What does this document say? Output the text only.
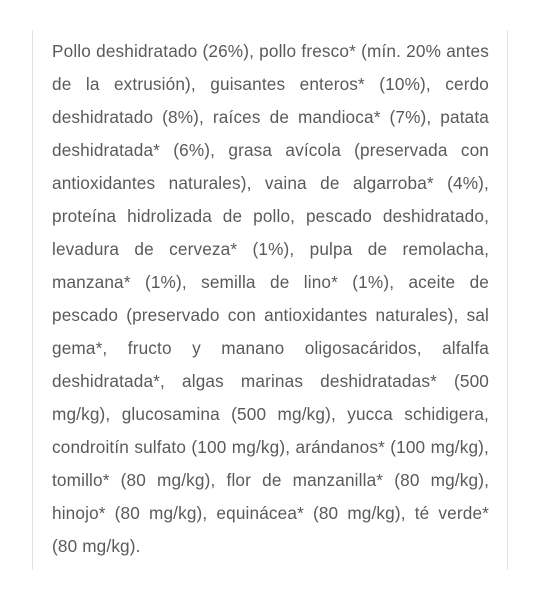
Pollo deshidratado (26%), pollo fresco* (mín. 20% antes de la extrusión), guisantes enteros* (10%), cerdo deshidratado (8%), raíces de mandioca* (7%), patata deshidratada* (6%), grasa avícola (preservada con antioxidantes naturales), vaina de algarroba* (4%), proteína hidrolizada de pollo, pescado deshidratado, levadura de cerveza* (1%), pulpa de remolacha, manzana* (1%), semilla de lino* (1%), aceite de pescado (preservado con antioxidantes naturales), sal gema*, fructo y manano oligosacáridos, alfalfa deshidratada*, algas marinas deshidratadas* (500 mg/kg), glucosamina (500 mg/kg), yucca schidigera, condroitín sulfato (100 mg/kg), arándanos* (100 mg/kg), tomillo* (80 mg/kg), flor de manzanilla* (80 mg/kg), hinojo* (80 mg/kg), equinácea* (80 mg/kg), té verde* (80 mg/kg).
